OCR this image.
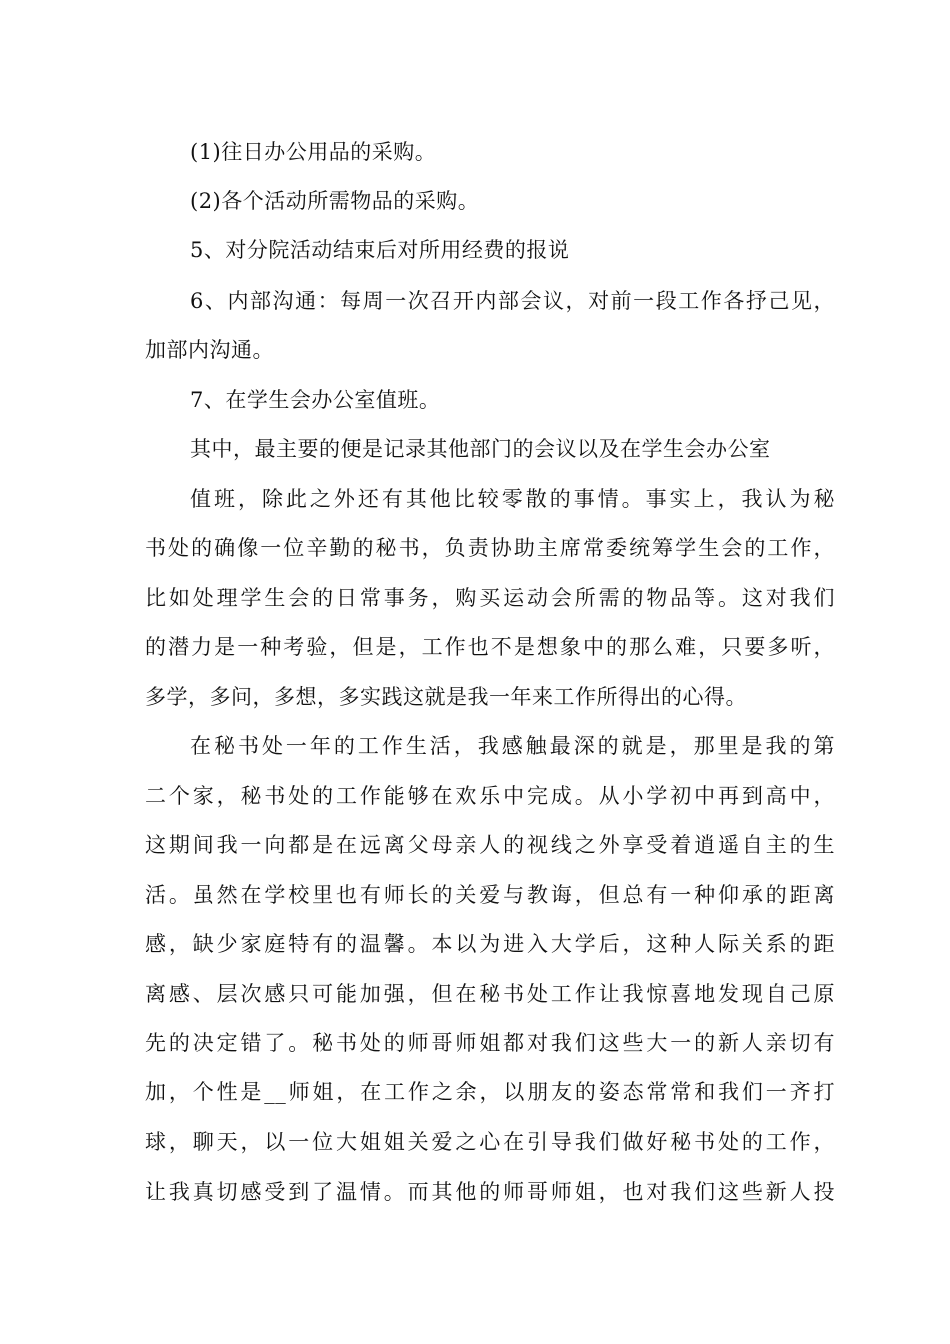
(1)往日办公用品的采购。
(2)各个活动所需物品的采购。
5、对分院活动结束后对所用经费的报说
6、内部沟通：每周一次召开内部会议，对前一段工作各抒己见，
加部内沟通。
7、在学生会办公室值班。
其中，最主要的便是记录其他部门的会议以及在学生会办公室
值班，除此之外还有其他比较零散的事情。事实上，我认为秘
书处的确像一位辛勤的秘书，负责协助主席常委统筹学生会的工作，
比如处理学生会的日常事务，购买运动会所需的物品等。这对我们
的潜力是一种考验，但是，工作也不是想象中的那么难，只要多听，
多学，多问，多想，多实践这就是我一年来工作所得出的心得。
在秘书处一年的工作生活，我感触最深的就是，那里是我的第
二个家，秘书处的工作能够在欢乐中完成。从小学初中再到高中，
这期间我一向都是在远离父母亲人的视线之外享受着逍遥自主的生
活。虽然在学校里也有师长的关爱与教诲，但总有一种仰承的距离
感，缺少家庭特有的温馨。本以为进入大学后，这种人际关系的距
离感、层次感只可能加强，但在秘书处工作让我惊喜地发现自己原
先的决定错了。秘书处的师哥师姐都对我们这些大一的新人亲切有
加，个性是__师姐，在工作之余，以朋友的姿态常常和我们一齐打
球，聊天，以一位大姐姐关爱之心在引导我们做好秘书处的工作，
让我真切感受到了温情。而其他的师哥师姐，也对我们这些新人投
